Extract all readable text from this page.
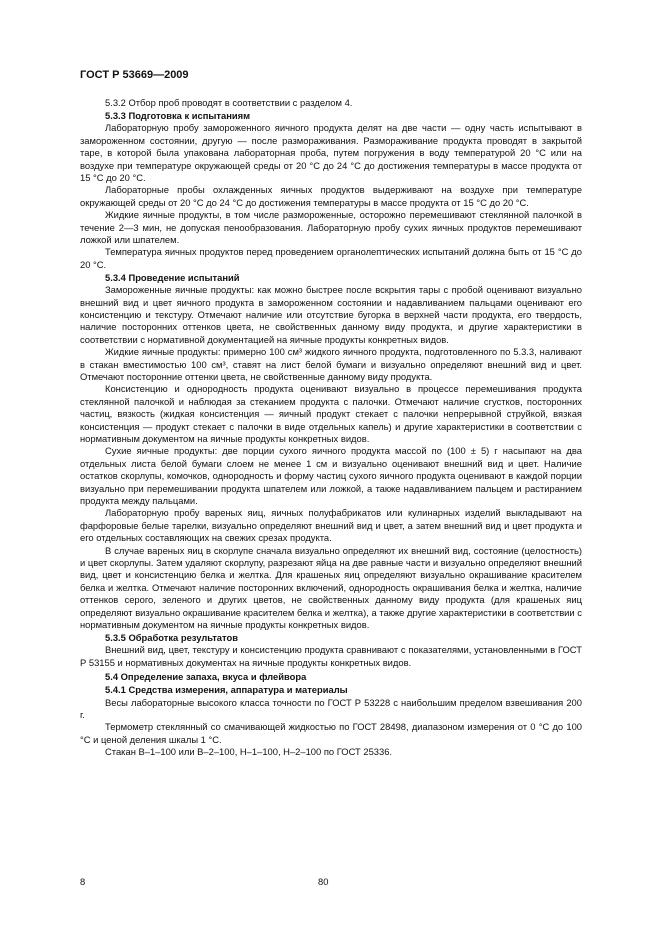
ГОСТ Р 53669—2009

5.3.2 Отбор проб проводят в соответствии с разделом 4.

5.3.3 Подготовка к испытаниям

Лабораторную пробу замороженного яичного продукта делят на две части — одну часть испытывают в замороженном состоянии, другую — после размораживания. Размораживание продукта проводят в закрытой таре, в которой была упакована лабораторная проба, путем погружения в воду температурой 20 °С или на воздухе при температуре окружающей среды от 20 °С до 24 °С до достижения температуры в массе продукта от 15 °С до 20 °С.

Лабораторные пробы охлажденных яичных продуктов выдерживают на воздухе при температуре окружающей среды от 20 °С до 24 °С до достижения температуры в массе продукта от 15 °С до 20 °С.

Жидкие яичные продукты, в том числе размороженные, осторожно перемешивают стеклянной палочкой в течение 2—3 мин, не допуская пенообразования. Лабораторную пробу сухих яичных продуктов перемешивают ложкой или шпателем.

Температура яичных продуктов перед проведением органолептических испытаний должна быть от 15 °С до 20 °С.

5.3.4 Проведение испытаний

Замороженные яичные продукты: как можно быстрее после вскрытия тары с пробой оценивают визуально внешний вид и цвет яичного продукта в замороженном состоянии и надавливанием пальцами оценивают его консистенцию и текстуру. Отмечают наличие или отсутствие бугорка в верхней части продукта, его твердость, наличие посторонних оттенков цвета, не свойственных данному виду продукта, и другие характеристики в соответствии с нормативной документацией на яичные продукты конкретных видов.

Жидкие яичные продукты: примерно 100 см³ жидкого яичного продукта, подготовленного по 5.3.3, наливают в стакан вместимостью 100 см³, ставят на лист белой бумаги и визуально определяют внешний вид и цвет. Отмечают посторонние оттенки цвета, не свойственные данному виду продукта.

Консистенцию и однородность продукта оценивают визуально в процессе перемешивания продукта стеклянной палочкой и наблюдая за стеканием продукта с палочки. Отмечают наличие сгустков, посторонних частиц, вязкость (жидкая консистенция — яичный продукт стекает с палочки непрерывной струйкой, вязкая консистенция — продукт стекает с палочки в виде отдельных капель) и другие характеристики в соответствии с нормативным документом на яичные продукты конкретных видов.

Сухие яичные продукты: две порции сухого яичного продукта массой по (100 ± 5) г насыпают на два отдельных листа белой бумаги слоем не менее 1 см и визуально оценивают внешний вид и цвет. Наличие остатков скорлупы, комочков, однородность и форму частиц сухого яичного продукта оценивают в каждой порции визуально при перемешивании продукта шпателем или ложкой, а также надавливанием пальцем и растиранием продукта между пальцами.

Лабораторную пробу вареных яиц, яичных полуфабрикатов или кулинарных изделий выкладывают на фарфоровые белые тарелки, визуально определяют внешний вид и цвет, а затем внешний вид и цвет продукта и его отдельных составляющих на свежих срезах продукта.

В случае вареных яиц в скорлупе сначала визуально определяют их внешний вид, состояние (целостность) и цвет скорлупы. Затем удаляют скорлупу, разрезают яйца на две равные части и визуально определяют внешний вид, цвет и консистенцию белка и желтка. Для крашеных яиц определяют визуально окрашивание красителем белка и желтка. Отмечают наличие посторонних включений, однородность окрашивания белка и желтка, наличие оттенков серого, зеленого и других цветов, не свойственных данному виду продукта (для крашеных яиц определяют визуально окрашивание красителем белка и желтка), а также другие характеристики в соответствии с нормативным документом на яичные продукты конкретных видов.

5.3.5 Обработка результатов

Внешний вид, цвет, текстуру и консистенцию продукта сравнивают с показателями, установленными в ГОСТ Р 53155 и нормативных документах на яичные продукты конкретных видов.

5.4 Определение запаха, вкуса и флейвора

5.4.1 Средства измерения, аппаратура и материалы

Весы лабораторные высокого класса точности по ГОСТ Р 53228 с наибольшим пределом взвешивания 200 г.

Термометр стеклянный со смачивающей жидкостью по ГОСТ 28498, диапазоном измерения от 0 °С до 100 °С и ценой деления шкалы 1 °С.

Стакан В–1–100 или В–2–100, Н–1–100, Н–2–100 по ГОСТ 25336.

8	80
